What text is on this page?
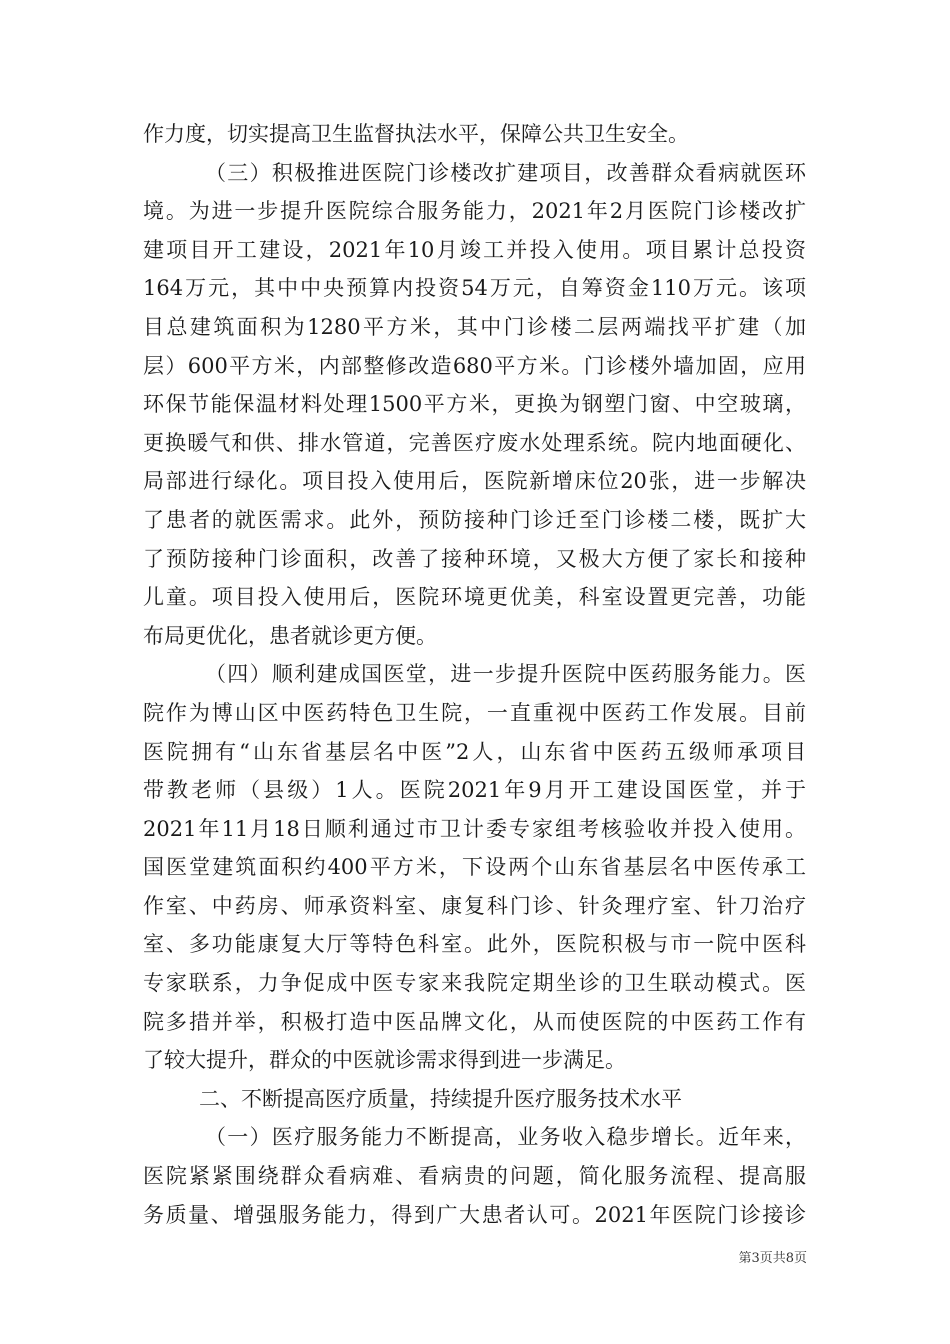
作力度，切实提高卫生监督执法水平，保障公共卫生安全。
（三）积极推进医院门诊楼改扩建项目，改善群众看病就医环
境。为进一步提升医院综合服务能力，2021年2月医院门诊楼改扩
建项目开工建设，2021年10月竣工并投入使用。项目累计总投资
164万元，其中中央预算内投资54万元，自筹资金110万元。该项
目总建筑面积为1280平方米，其中门诊楼二层两端找平扩建（加
层）600平方米，内部整修改造680平方米。门诊楼外墙加固，应用
环保节能保温材料处理1500平方米，更换为钢塑门窗、中空玻璃，
更换暖气和供、排水管道，完善医疗废水处理系统。院内地面硬化、
局部进行绿化。项目投入使用后，医院新增床位20张，进一步解决
了患者的就医需求。此外，预防接种门诊迁至门诊楼二楼，既扩大
了预防接种门诊面积，改善了接种环境，又极大方便了家长和接种
儿童。项目投入使用后，医院环境更优美，科室设置更完善，功能
布局更优化，患者就诊更方便。
（四）顺利建成国医堂，进一步提升医院中医药服务能力。医
院作为博山区中医药特色卫生院，一直重视中医药工作发展。目前
医院拥有“山东省基层名中医”2人，山东省中医药五级师承项目
带教老师（县级）1人。医院2021年9月开工建设国医堂，并于
2021年11月18日顺利通过市卫计委专家组考核验收并投入使用。
国医堂建筑面积约400平方米，下设两个山东省基层名中医传承工
作室、中药房、师承资料室、康复科门诊、针灸理疗室、针刀治疗
室、多功能康复大厅等特色科室。此外，医院积极与市一院中医科
专家联系，力争促成中医专家来我院定期坐诊的卫生联动模式。医
院多措并举，积极打造中医品牌文化，从而使医院的中医药工作有
了较大提升，群众的中医就诊需求得到进一步满足。
二、不断提高医疗质量，持续提升医疗服务技术水平
（一）医疗服务能力不断提高，业务收入稳步增长。近年来，
医院紧紧围绕群众看病难、看病贵的问题，简化服务流程、提高服
务质量、增强服务能力，得到广大患者认可。2021年医院门诊接诊
第3页共8页
